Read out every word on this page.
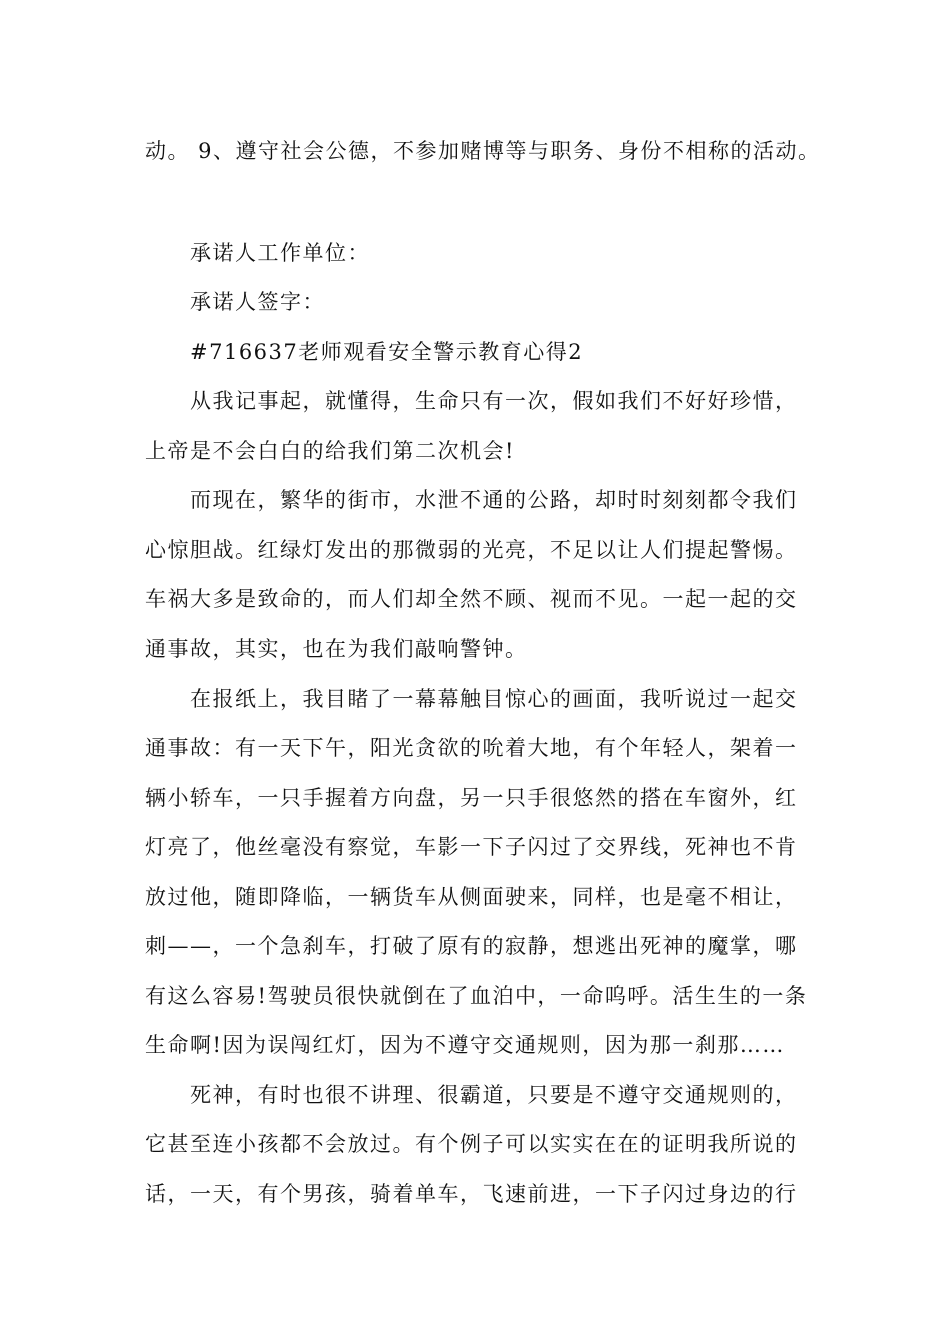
动。 9、遵守社会公德，不参加赌博等与职务、身份不相称的活动。
承诺人工作单位：
承诺人签字：
#716637老师观看安全警示教育心得2
从我记事起，就懂得，生命只有一次，假如我们不好好珍惜，
上帝是不会白白的给我们第二次机会!
而现在，繁华的街市，水泄不通的公路，却时时刻刻都令我们
心惊胆战。红绿灯发出的那微弱的光亮，不足以让人们提起警惕。
车祸大多是致命的，而人们却全然不顾、视而不见。一起一起的交
通事故，其实，也在为我们敲响警钟。
在报纸上，我目睹了一幕幕触目惊心的画面，我听说过一起交
通事故：有一天下午，阳光贪欲的吮着大地，有个年轻人，架着一
辆小轿车，一只手握着方向盘，另一只手很悠然的搭在车窗外，红
灯亮了，他丝毫没有察觉，车影一下子闪过了交界线，死神也不肯
放过他，随即降临，一辆货车从侧面驶来，同样，也是毫不相让，
刺——，一个急刹车，打破了原有的寂静，想逃出死神的魔掌，哪
有这么容易!驾驶员很快就倒在了血泊中，一命呜呼。活生生的一条
生命啊!因为误闯红灯，因为不遵守交通规则，因为那一刹那……
死神，有时也很不讲理、很霸道，只要是不遵守交通规则的，
它甚至连小孩都不会放过。有个例子可以实实在在的证明我所说的
话，一天，有个男孩，骑着单车，飞速前进，一下子闪过身边的行
